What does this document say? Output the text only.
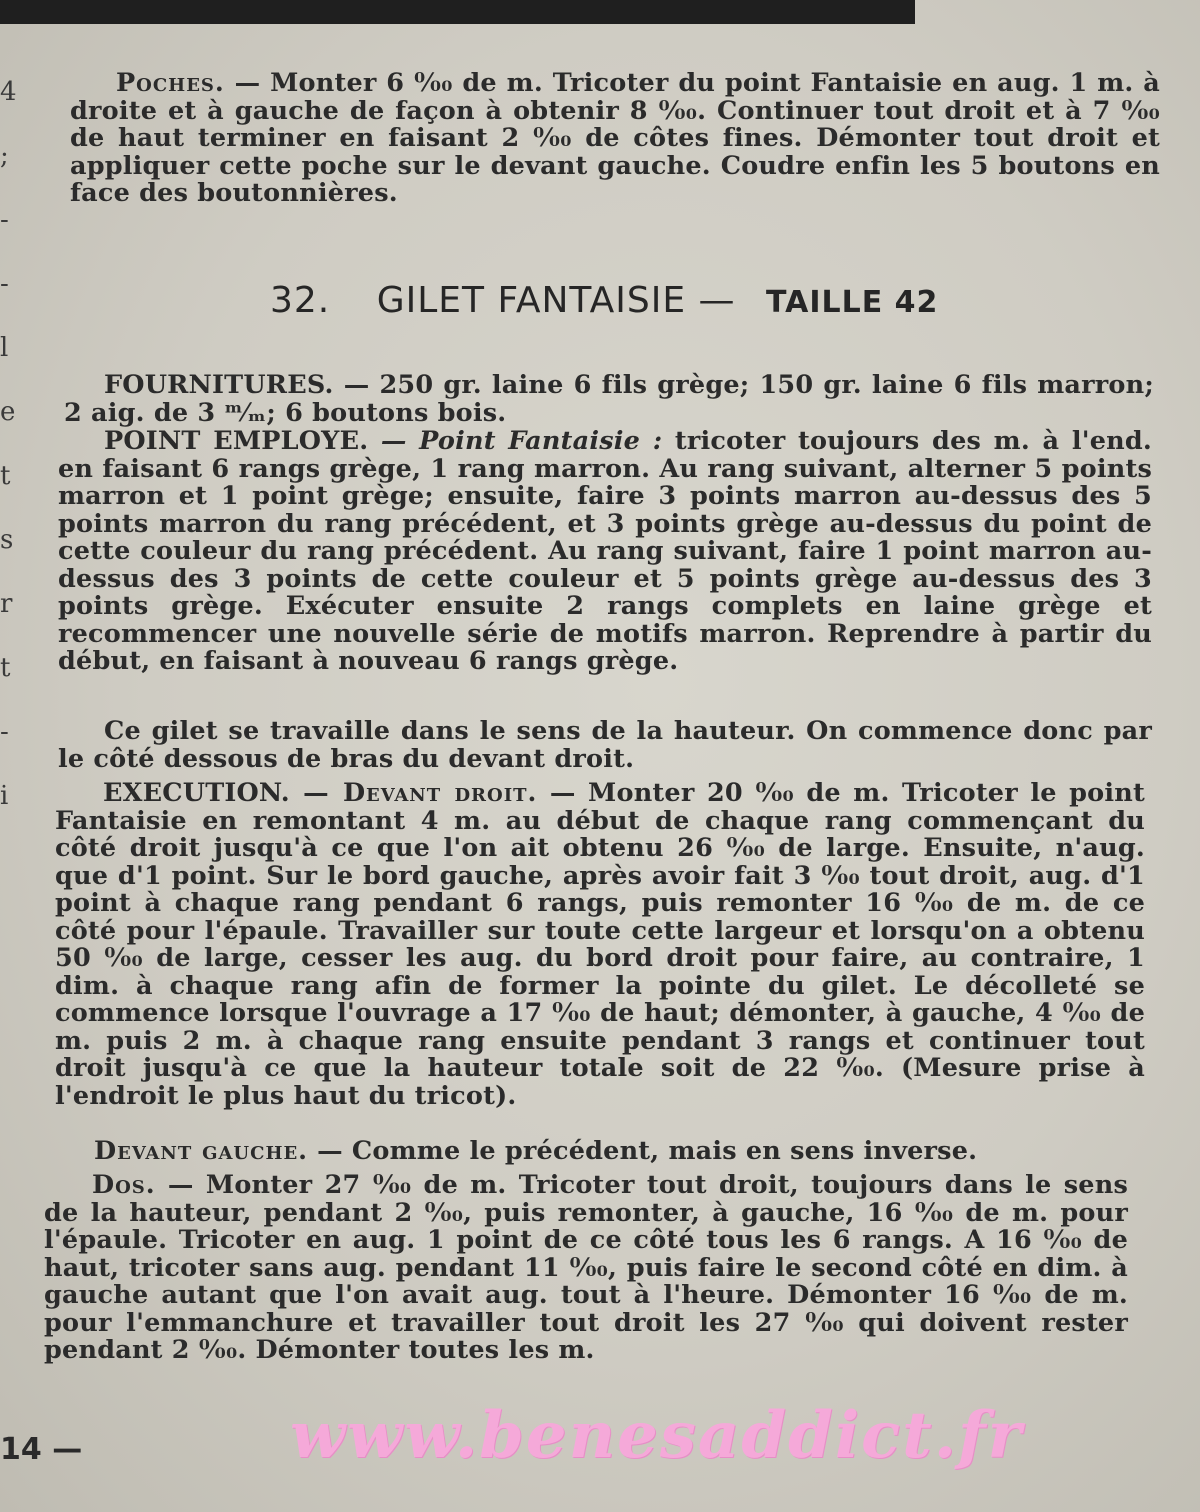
4
;
-
-
l
e
t
s
r
t
-
i

Poches. — Monter 6 ⁰⁄₀₀ de m. Tricoter du point Fantaisie en aug. 1 m. à droite et à gauche de façon à obtenir 8 ⁰⁄₀₀. Continuer tout droit et à 7 ⁰⁄₀₀ de haut terminer en faisant 2 ⁰⁄₀₀ de côtes fines. Démonter tout droit et appliquer cette poche sur le devant gauche. Coudre enfin les 5 boutons en face des boutonnières.

32. GILET FANTAISIE — TAILLE 42

FOURNITURES. — 250 gr. laine 6 fils grège; 150 gr. laine 6 fils marron; 2 aig. de 3 ᵐ⁄ₘ; 6 boutons bois.

POINT EMPLOYE. — Point Fantaisie : tricoter toujours des m. à l'end. en faisant 6 rangs grège, 1 rang marron. Au rang suivant, alterner 5 points marron et 1 point grège; ensuite, faire 3 points marron au-dessus des 5 points marron du rang précédent, et 3 points grège au-dessus du point de cette couleur du rang précédent. Au rang suivant, faire 1 point marron au-dessus des 3 points de cette couleur et 5 points grège au-dessus des 3 points grège. Exécuter ensuite 2 rangs complets en laine grège et recommencer une nouvelle série de motifs marron. Reprendre à partir du début, en faisant à nouveau 6 rangs grège.

Ce gilet se travaille dans le sens de la hauteur. On commence donc par le côté dessous de bras du devant droit.

EXECUTION. — Devant droit. — Monter 20 ⁰⁄₀₀ de m. Tricoter le point Fantaisie en remontant 4 m. au début de chaque rang commençant du côté droit jusqu'à ce que l'on ait obtenu 26 ⁰⁄₀₀ de large. Ensuite, n'aug. que d'1 point. Sur le bord gauche, après avoir fait 3 ⁰⁄₀₀ tout droit, aug. d'1 point à chaque rang pendant 6 rangs, puis remonter 16 ⁰⁄₀₀ de m. de ce côté pour l'épaule. Travailler sur toute cette largeur et lorsqu'on a obtenu 50 ⁰⁄₀₀ de large, cesser les aug. du bord droit pour faire, au contraire, 1 dim. à chaque rang afin de former la pointe du gilet. Le décolleté se commence lorsque l'ouvrage a 17 ⁰⁄₀₀ de haut; démonter, à gauche, 4 ⁰⁄₀₀ de m. puis 2 m. à chaque rang ensuite pendant 3 rangs et continuer tout droit jusqu'à ce que la hauteur totale soit de 22 ⁰⁄₀₀. (Mesure prise à l'endroit le plus haut du tricot).

Devant gauche. — Comme le précédent, mais en sens inverse.

Dos. — Monter 27 ⁰⁄₀₀ de m. Tricoter tout droit, toujours dans le sens de la hauteur, pendant 2 ⁰⁄₀₀, puis remonter, à gauche, 16 ⁰⁄₀₀ de m. pour l'épaule. Tricoter en aug. 1 point de ce côté tous les 6 rangs. A 16 ⁰⁄₀₀ de haut, tricoter sans aug. pendant 11 ⁰⁄₀₀, puis faire le second côté en dim. à gauche autant que l'on avait aug. tout à l'heure. Démonter 16 ⁰⁄₀₀ de m. pour l'emmanchure et travailler tout droit les 27 ⁰⁄₀₀ qui doivent rester pendant 2 ⁰⁄₀₀. Démonter toutes les m.

14 —	www.benesaddict.fr
